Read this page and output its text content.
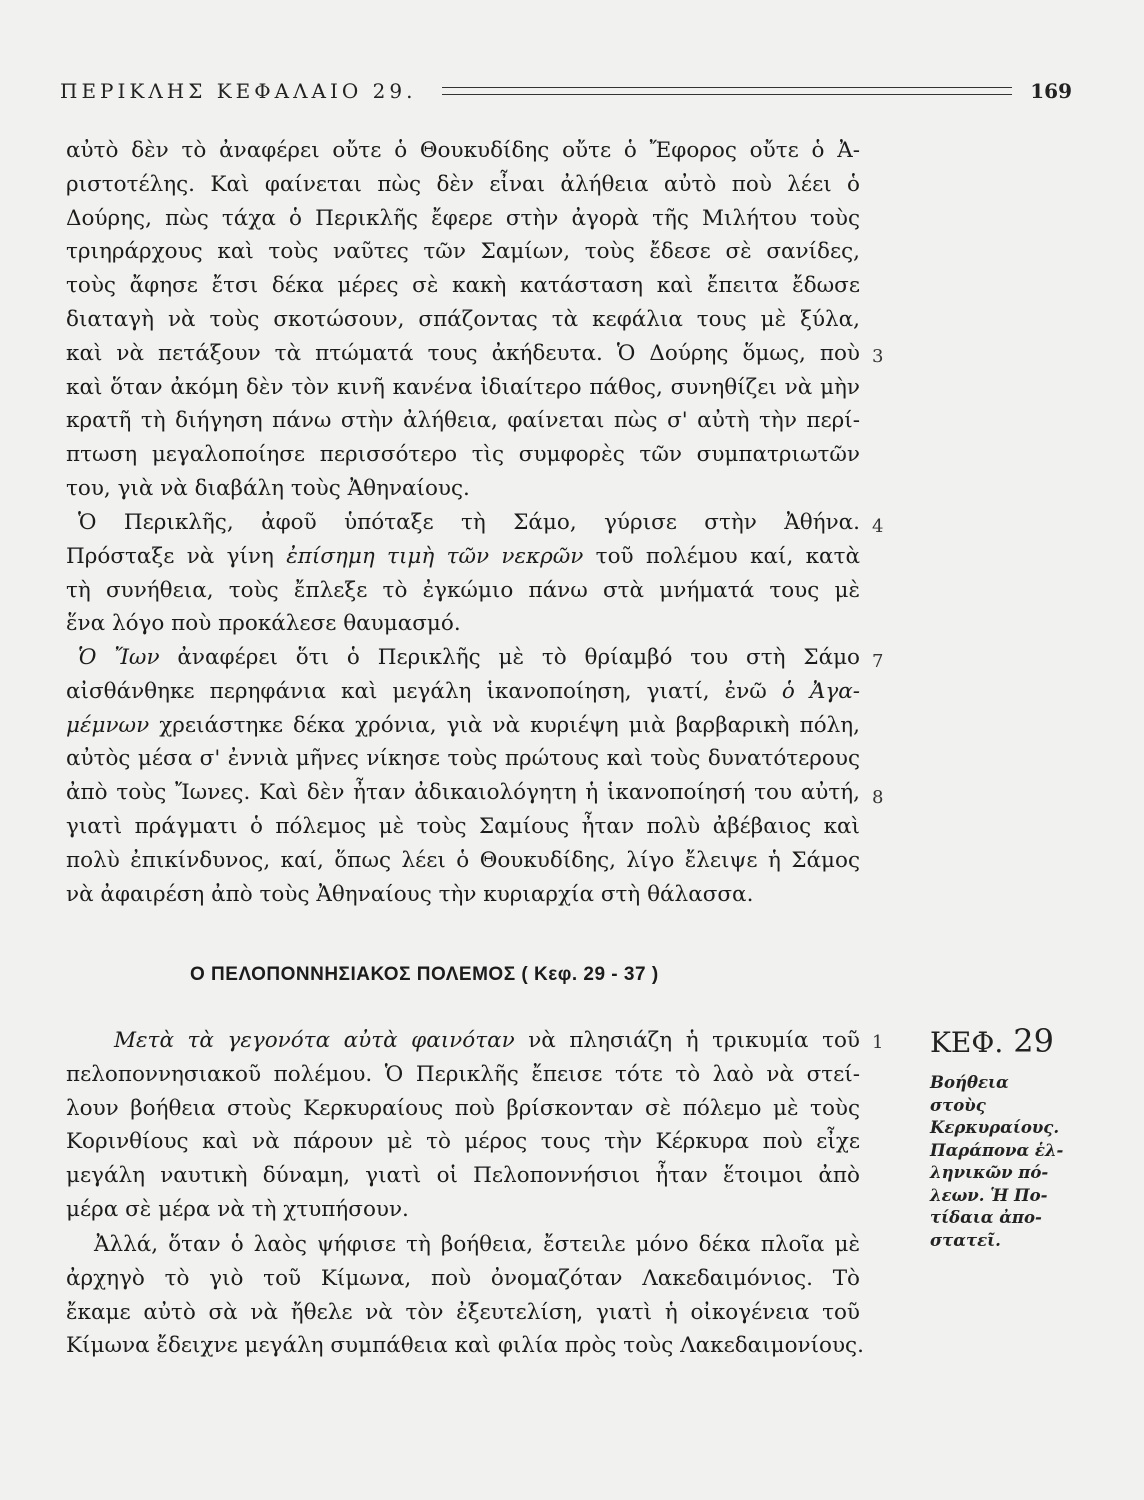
ΠΕΡΙΚΛΗΣ ΚΕΦΑΛΑΙΟ 29.	169
αὐτὸ δὲν τὸ ἀναφέρει οὔτε ὁ Θουκυδίδης οὔτε ὁ Ἔφορος οὔτε ὁ Ἀ-
ριστοτέλης. Καὶ φαίνεται πὼς δὲν εἶναι ἀλήθεια αὐτὸ ποὺ λέει ὁ
Δούρης, πὼς τάχα ὁ Περικλῆς ἔφερε στὴν ἀγορὰ τῆς Μιλήτου τοὺς
τριηράρχους καὶ τοὺς ναῦτες τῶν Σαμίων, τοὺς ἔδεσε σὲ σανίδες,
τοὺς ἄφησε ἔτσι δέκα μέρες σὲ κακὴ κατάσταση καὶ ἔπειτα ἔδωσε
διαταγὴ νὰ τοὺς σκοτώσουν, σπάζοντας τὰ κεφάλια τους μὲ ξύλα,
καὶ νὰ πετάξουν τὰ πτώματά τους ἀκήδευτα. Ὁ Δούρης ὅμως, ποὺ
καὶ ὅταν ἀκόμη δὲν τὸν κινῆ κανένα ἰδιαίτερο πάθος, συνηθίζει νὰ μὴν
κρατῆ τὴ διήγηση πάνω στὴν ἀλήθεια, φαίνεται πὼς σ' αὐτὴ τὴν περί-
πτωση μεγαλοποίησε περισσότερο τὶς συμφορὲς τῶν συμπατριωτῶν
του, γιὰ νὰ διαβάλη τοὺς Ἀθηναίους.
Ὁ Περικλῆς, ἀφοῦ ὑπόταξε τὴ Σάμο, γύρισε στὴν Ἀθήνα.
Πρόσταξε νὰ γίνη ἐπίσημη τιμὴ τῶν νεκρῶν τοῦ πολέμου καί, κατὰ
τὴ συνήθεια, τοὺς ἔπλεξε τὸ ἐγκώμιο πάνω στὰ μνήματά τους μὲ
ἕνα λόγο ποὺ προκάλεσε θαυμασμό.
Ὁ Ἴων ἀναφέρει ὅτι ὁ Περικλῆς μὲ τὸ θρίαμβό του στὴ Σάμο
αἰσθάνθηκε περηφάνια καὶ μεγάλη ἱκανοποίηση, γιατί, ἐνῶ ὁ Ἀγα-
μέμνων χρειάστηκε δέκα χρόνια, γιὰ νὰ κυριέψη μιὰ βαρβαρικὴ πόλη,
αὐτὸς μέσα σ' ἐννιὰ μῆνες νίκησε τοὺς πρώτους καὶ τοὺς δυνατότερους
ἀπὸ τοὺς Ἴωνες. Καὶ δὲν ἦταν ἀδικαιολόγητη ἡ ἱκανοποίησή του αὐτή,
γιατὶ πράγματι ὁ πόλεμος μὲ τοὺς Σαμίους ἦταν πολὺ ἀβέβαιος καὶ
πολὺ ἐπικίνδυνος, καί, ὅπως λέει ὁ Θουκυδίδης, λίγο ἔλειψε ἡ Σάμος
νὰ ἀφαιρέση ἀπὸ τοὺς Ἀθηναίους τὴν κυριαρχία στὴ θάλασσα.
Ο ΠΕΛΟΠΟΝΝΗΣΙΑΚΟΣ ΠΟΛΕΜΟΣ ( Κεφ. 29 - 37 )
Μετὰ τὰ γεγονότα αὐτὰ φαινόταν νὰ πλησιάζη ἡ τρικυμία τοῦ
πελοποννησιακοῦ πολέμου. Ὁ Περικλῆς ἔπεισε τότε τὸ λαὸ νὰ στεί-
λουν βοήθεια στοὺς Κερκυραίους ποὺ βρίσκονταν σὲ πόλεμο μὲ τοὺς
Κορινθίους καὶ νὰ πάρουν μὲ τὸ μέρος τους τὴν Κέρκυρα ποὺ εἶχε
μεγάλη ναυτικὴ δύναμη, γιατὶ οἱ Πελοποννήσιοι ἦταν ἕτοιμοι ἀπὸ
μέρα σὲ μέρα νὰ τὴ χτυπήσουν.
Ἀλλά, ὅταν ὁ λαὸς ψήφισε τὴ βοήθεια, ἔστειλε μόνο δέκα πλοῖα μὲ
ἀρχηγὸ τὸ γιὸ τοῦ Κίμωνα, ποὺ ὀνομαζόταν Λακεδαιμόνιος. Τὸ
ἔκαμε αὐτὸ σὰ νὰ ἤθελε νὰ τὸν ἐξευτελίση, γιατὶ ἡ οἰκογένεια τοῦ
Κίμωνα ἔδειχνε μεγάλη συμπάθεια καὶ φιλία πρὸς τοὺς Λακεδαιμονίους.
3
4
7
8
1	ΚΕΦ. 29
Βοήθεια στοὺς
Κερκυραίους.
Παράπονα ἑλ-
ληνικῶν πό-
λεων. Ἡ Πο-
τίδαια ἀπο-
στατεῖ.
